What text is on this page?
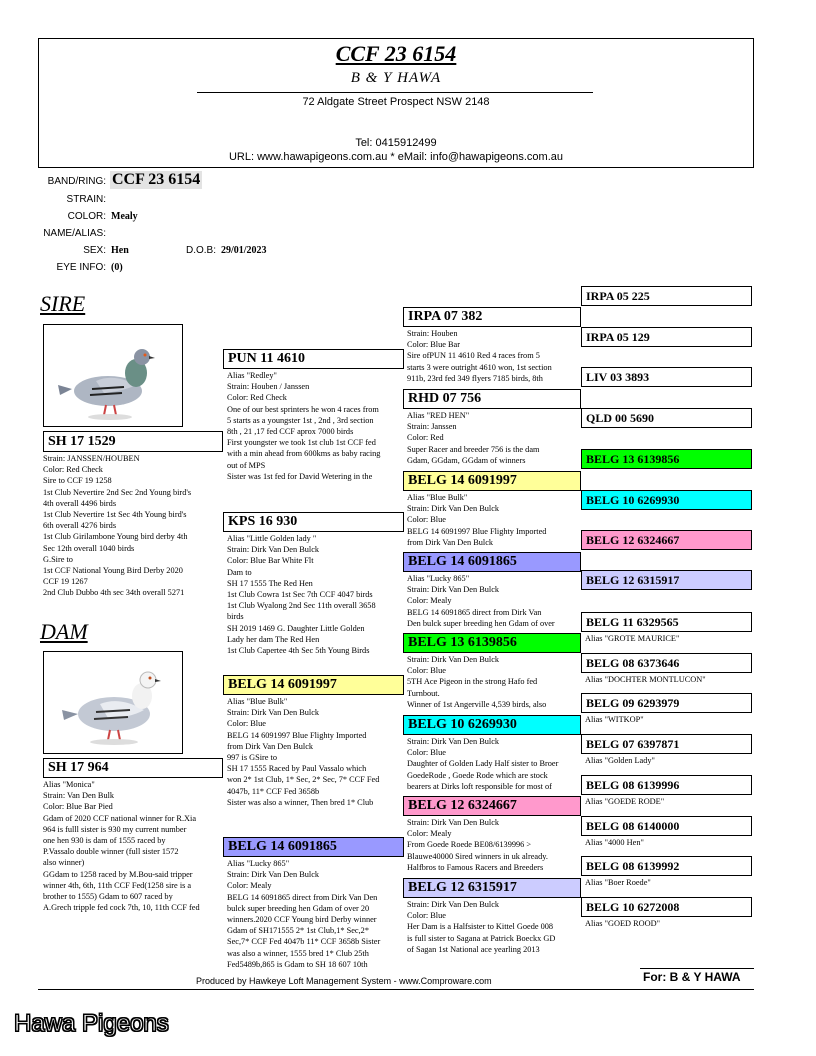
CCF 23 6154
B & Y HAWA
72 Aldgate Street Prospect NSW 2148
Tel: 0415912499
URL: www.hawapigeons.com.au * eMail: info@hawapigeons.com.au
BAND/RING: CCF 23 6154
STRAIN:
COLOR: Mealy
NAME/ALIAS:
SEX: Hen	D.O.B: 29/01/2023
EYE INFO: (0)
SIRE
SH 17 1529
Strain: JANSSEN/HOUBEN
Color: Red Check
Sire to CCF 19 1258
1st Club Nevertire 2nd Sec 2nd Young bird's
4th overall 4496 birds
1st Club Nevertire 1st Sec 4th Young bird's
6th overall 4276 birds
1st Club Girilambone Young bird derby 4th
Sec 12th overall 1040 birds
G.Sire to
1st CCF National Young Bird Derby 2020
CCF 19 1267
2nd Club Dubbo 4th sec 34th overall 5271
DAM
SH 17 964
Alias "Monica"
Strain: Van Den Bulk
Color: Blue Bar Pied
Gdam of 2020 CCF national winner for R.Xia
964 is fulll sister is 930 my current number
one hen 930 is dam of 1555 raced by
P.Vassalo double winner (full sister 1572
also winner)
GGdam to 1258 raced by M.Bou-said tripper
winner 4th, 6th, 11th CCF Fed(1258 sire is a
brother to 1555) Gdam to 607 raced by
A.Grech tripple fed cock 7th, 10, 11th CCF fed
PUN 11 4610
Alias "Redley"
Strain: Houben / Janssen
Color: Red Check
One of our best sprinters he won 4 races from
5 starts as a youngster 1st , 2nd , 3rd section
8th , 21 ,17 fed CCF aprox 7000 birds
First youngster we took 1st club 1st CCF fed
with a min ahead from 600kms as baby racing
out of MPS
Sister was 1st fed for David Wetering in the
KPS 16 930
Alias "Little Golden lady "
Strain: Dirk Van Den Bulck
Color: Blue Bar White Flt
Dam to
SH 17 1555 The Red Hen
1st Club Cowra 1st Sec 7th CCF 4047 birds
1st Club Wyalong 2nd Sec 11th overall 3658
birds
SH 2019 1469 G. Daughter Little Golden
Lady her dam The Red Hen
1st Club Capertee 4th Sec 5th Young Birds
BELG 14 6091997
Alias "Blue Bulk"
Strain: Dirk Van Den Bulck
Color: Blue
BELG 14 6091997 Blue Flighty Imported
from Dirk Van Den Bulck
997 is GSire to
SH 17 1555 Raced by Paul Vassalo which
won 2* 1st Club, 1* Sec, 2* Sec, 7* CCF Fed
4047b, 11* CCF Fed 3658b
Sister was also a winner, Then bred 1* Club
BELG 14 6091865
Alias "Lucky 865"
Strain: Dirk Van Den Bulck
Color: Mealy
BELG 14 6091865 direct from Dirk Van Den
bulck super breeding hen Gdam of over 20
winners.2020 CCF Young bird Derby winner
Gdam of SH171555 2* 1st Club,1* Sec,2*
Sec,7* CCF Fed 4047b 11* CCF 3658b Sister
was also a winner, 1555 bred 1* Club 25th
Fed5489b,865 is Gdam to SH 18 607 10th
IRPA 07 382
Strain: Houben
Color: Blue Bar
Sire ofPUN 11 4610 Red 4 races from 5
starts 3 were outright 4610 won, 1st section
911b, 23rd fed 349 flyers 7185 birds, 8th
RHD 07 756
Alias "RED HEN"
Strain: Janssen
Color: Red
Super Racer and breeder 756 is the dam
Gdam, GGdam, GGdam of winners
BELG 14 6091997
Alias "Blue Bulk"
Strain: Dirk Van Den Bulck
Color: Blue
BELG 14 6091997 Blue Flighty Imported
from Dirk Van Den Bulck
BELG 14 6091865
Alias "Lucky 865"
Strain: Dirk Van Den Bulck
Color: Mealy
BELG 14 6091865 direct from Dirk Van
Den bulck super breeding hen Gdam of over
BELG 13 6139856
Strain: Dirk Van Den Bulck
Color: Blue
5TH Ace Pigeon in the strong Hafo fed
Turnbout.
Winner of 1st Angerville 4,539 birds, also
BELG 10 6269930
Strain: Dirk Van Den Bulck
Color: Blue
Daughter of Golden Lady Half sister to Broer
GoedeRode , Goede Rode which are stock
bearers at Dirks loft responsible for most of
BELG 12 6324667
Strain: Dirk Van Den Bulck
Color: Mealy
From Goede Roede BE08/6139996 >
Blauwe40000 Sired winners in uk already.
Halfbros to Famous Racers and Breeders
BELG 12 6315917
Strain: Dirk Van Den Bulck
Color: Blue
Her Dam is a Halfsister to Kittel Goede 008
is full sister to Sagana at Patrick Boeckx GD
of Sagan 1st National ace yearling 2013
IRPA 05 225
IRPA 05 129
LIV 03 3893
QLD 00 5690
BELG 13 6139856
BELG 10 6269930
BELG 12 6324667
BELG 12 6315917
BELG 11 6329565
Alias "GROTE MAURICE"
BELG 08 6373646
Alias "DOCHTER MONTLUCON"
BELG 09 6293979
Alias "WITKOP"
BELG 07 6397871
Alias "Golden Lady"
BELG 08 6139996
Alias "GOEDE RODE"
BELG 08 6140000
Alias "4000 Hen"
BELG 08 6139992
Alias "Boer Roede"
BELG 10 6272008
Alias "GOED ROOD"
Produced by Hawkeye Loft Management System - www.Comproware.com	For: B & Y HAWA
Hawa Pigeons
